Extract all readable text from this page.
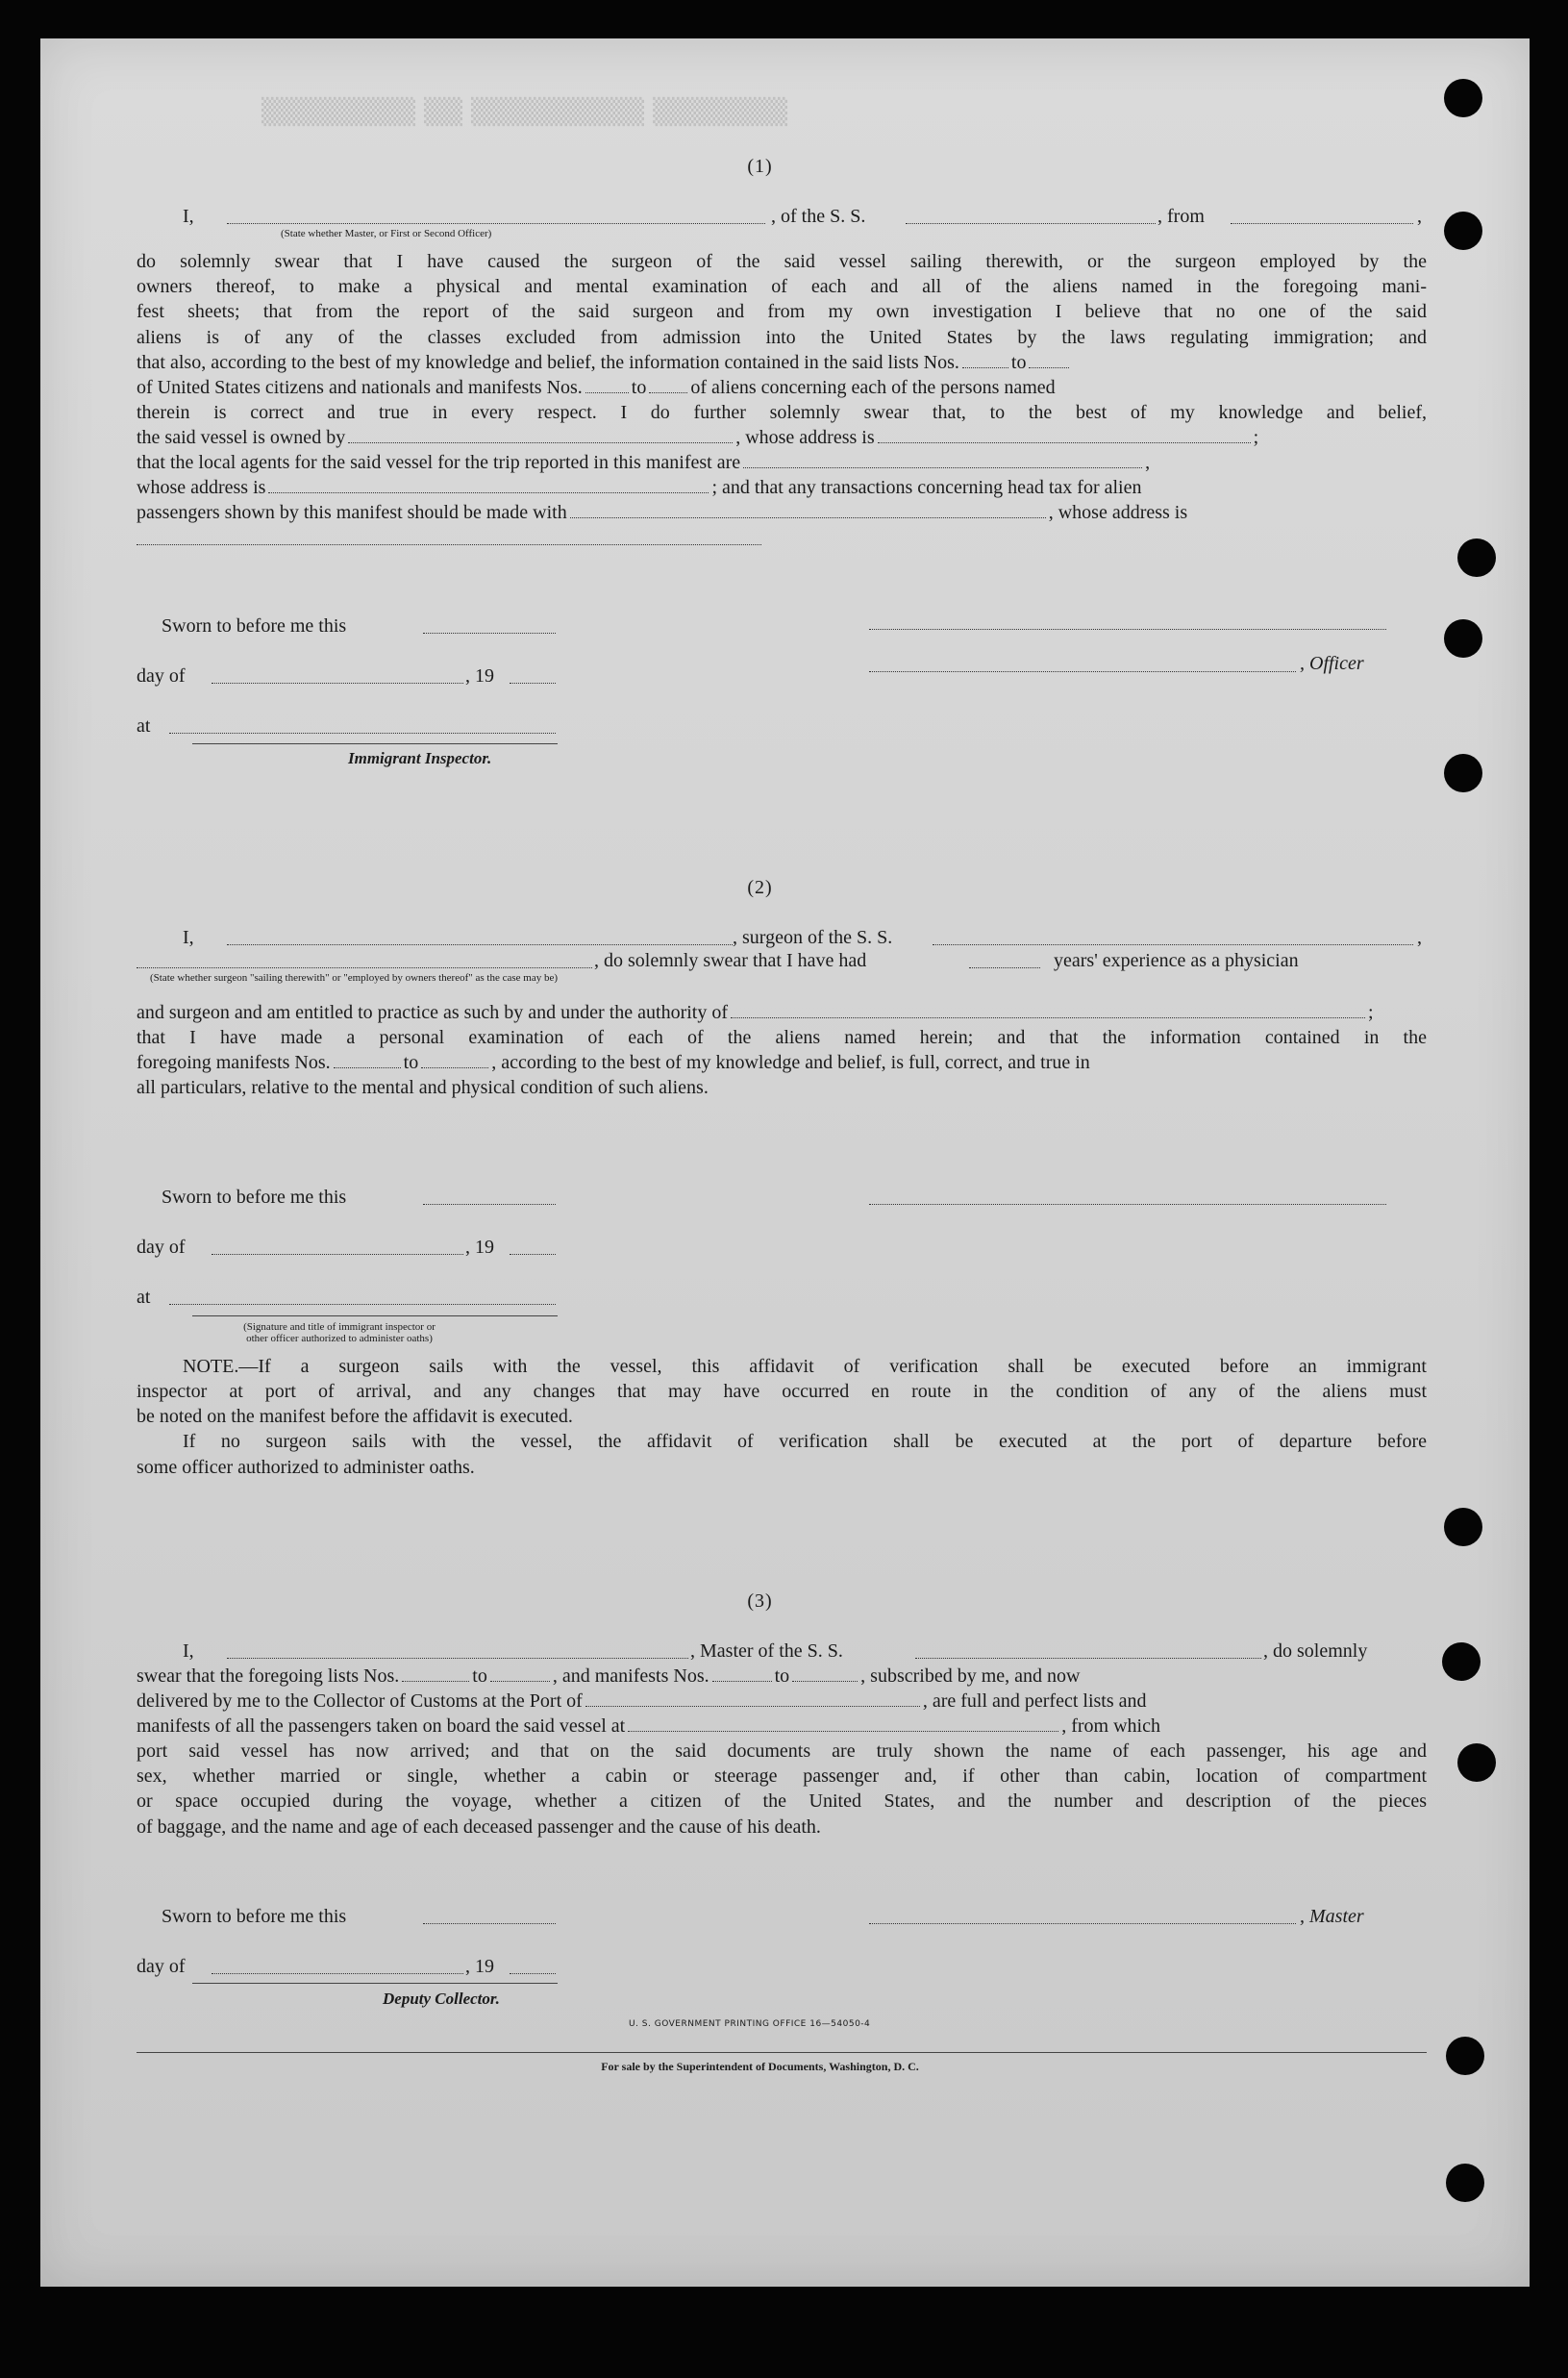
▒▒▒▒▒▒▒▒ ▒▒ ▒▒▒▒▒▒▒▒▒ ▒▒▒▒▒▒▒
(1)
I,	, of the S. S.	, from	,
(State whether Master, or First or Second Officer)
do solemnly swear that I have caused the surgeon of the said vessel sailing therewith, or the surgeon employed by the
owners thereof, to make a physical and mental examination of each and all of the aliens named in the foregoing mani-
fest sheets; that from the report of the said surgeon and from my own investigation I believe that no one of the said
aliens is of any of the classes excluded from admission into the United States by the laws regulating immigration; and
that also, according to the best of my knowledge and belief, the information contained in the said lists Nos.	to
of United States citizens and nationals and manifests Nos.	to of aliens concerning each of the persons named
therein is correct and true in every respect. I do further solemnly swear that, to the best of my knowledge and belief,
the said vessel is owned by	, whose address is	;
that the local agents for the said vessel for the trip reported in this manifest are	,
whose address is	; and that any transactions concerning head tax for alien
passengers shown by this manifest should be made with	, whose address is
Sworn to before me this
day of	, 19
, Officer
at
Immigrant Inspector.
(2)
I,	, surgeon of the S. S.	,
, do solemnly swear that I have had	years' experience as a physician
(State whether surgeon "sailing therewith" or "employed by owners thereof" as the case may be)
and surgeon and am entitled to practice as such by and under the authority of	;
that I have made a personal examination of each of the aliens named herein; and that the information contained in the
foregoing manifests Nos.	to	, according to the best of my knowledge and belief, is full, correct, and true in
all particulars, relative to the mental and physical condition of such aliens.
Sworn to before me this
day of	, 19
at
(Signature and title of immigrant inspector or
other officer authorized to administer oaths)
NOTE.—If a surgeon sails with the vessel, this affidavit of verification shall be executed before an immigrant
inspector at port of arrival, and any changes that may have occurred en route in the condition of any of the aliens must
be noted on the manifest before the affidavit is executed.
If no surgeon sails with the vessel, the affidavit of verification shall be executed at the port of departure before
some officer authorized to administer oaths.
(3)
I,	, Master of the S. S.	, do solemnly
swear that the foregoing lists Nos.	to	, and manifests Nos.	to	, subscribed by me, and now
delivered by me to the Collector of Customs at the Port of	, are full and perfect lists and
manifests of all the passengers taken on board the said vessel at	, from which
port said vessel has now arrived; and that on the said documents are truly shown the name of each passenger, his age and
sex, whether married or single, whether a cabin or steerage passenger and, if other than cabin, location of compartment
or space occupied during the voyage, whether a citizen of the United States, and the number and description of the pieces
of baggage, and the name and age of each deceased passenger and the cause of his death.
Sworn to before me this	, Master
day of	, 19
Deputy Collector.
U. S. GOVERNMENT PRINTING OFFICE 16—54050-4
For sale by the Superintendent of Documents, Washington, D. C.
